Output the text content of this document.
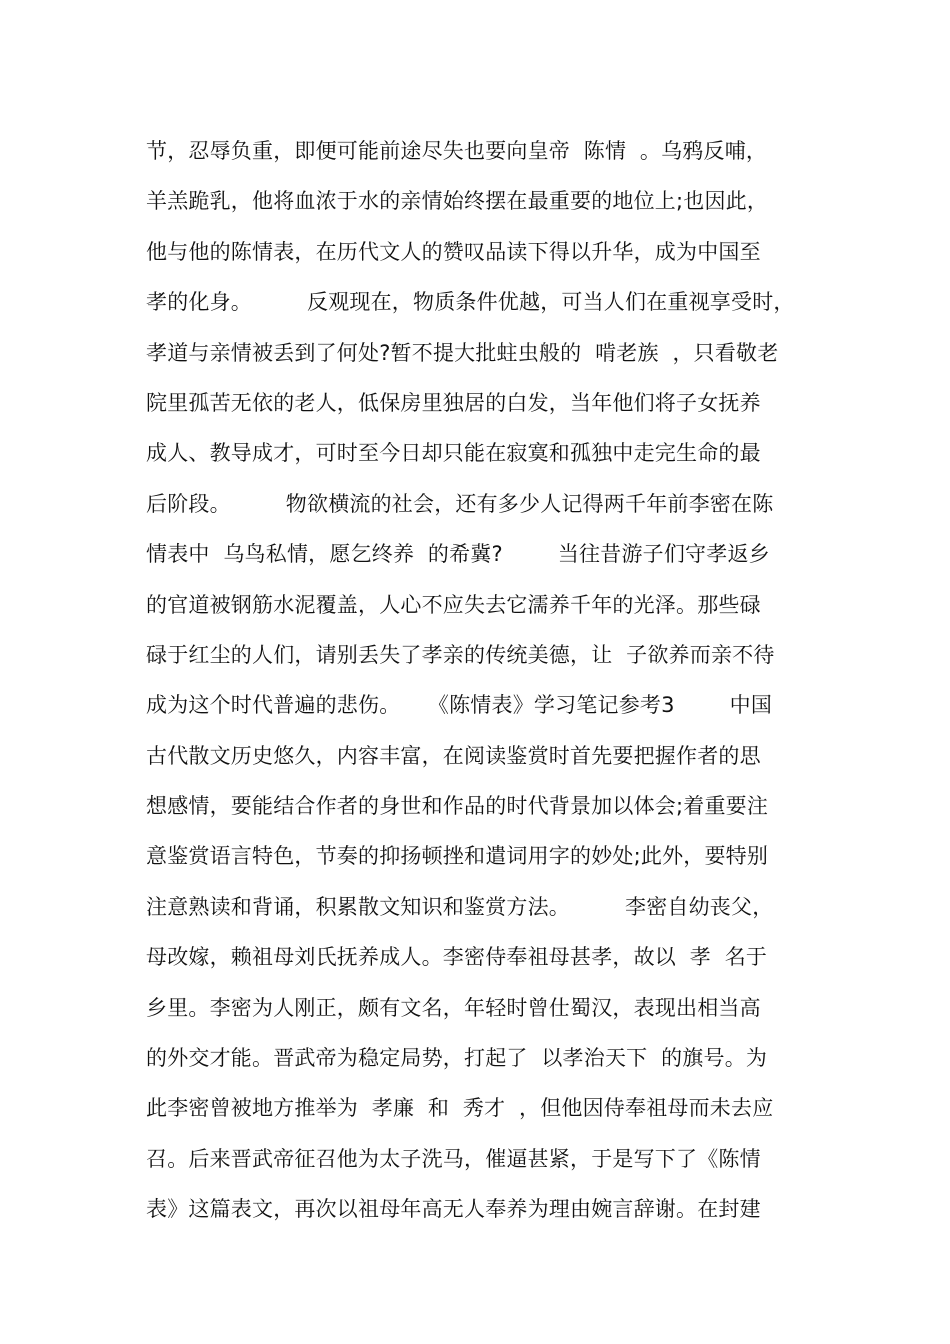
节，忍辱负重，即便可能前途尽失也要向皇帝  陈情  。乌鸦反哺，
羊羔跪乳，他将血浓于水的亲情始终摆在最重要的地位上;也因此，
他与他的陈情表，在历代文人的赞叹品读下得以升华，成为中国至
孝的化身。        反观现在，物质条件优越，可当人们在重视享受时，
孝道与亲情被丢到了何处?暂不提大批蛀虫般的  啃老族  ，只看敬老
院里孤苦无依的老人，低保房里独居的白发，当年他们将子女抚养
成人、教导成才，可时至今日却只能在寂寞和孤独中走完生命的最
后阶段。        物欲横流的社会，还有多少人记得两千年前李密在陈
情表中  乌鸟私情，愿乞终养  的希冀?        当往昔游子们守孝返乡
的官道被钢筋水泥覆盖，人心不应失去它濡养千年的光泽。那些碌
碌于红尘的人们，请别丢失了孝亲的传统美德，让  子欲养而亲不待
成为这个时代普遍的悲伤。    《陈情表》学习笔记参考3        中国
古代散文历史悠久，内容丰富，在阅读鉴赏时首先要把握作者的思
想感情，要能结合作者的身世和作品的时代背景加以体会;着重要注
意鉴赏语言特色，节奏的抑扬顿挫和遣词用字的妙处;此外，要特别
注意熟读和背诵，积累散文知识和鉴赏方法。        李密自幼丧父，
母改嫁，赖祖母刘氏抚养成人。李密侍奉祖母甚孝，故以  孝  名于
乡里。李密为人刚正，颇有文名，年轻时曾仕蜀汉，表现出相当高
的外交才能。晋武帝为稳定局势，打起了  以孝治天下  的旗号。为
此李密曾被地方推举为  孝廉  和  秀才  ，但他因侍奉祖母而未去应
召。后来晋武帝征召他为太子洗马，催逼甚紧，于是写下了《陈情
表》这篇表文，再次以祖母年高无人奉养为理由婉言辞谢。在封建
